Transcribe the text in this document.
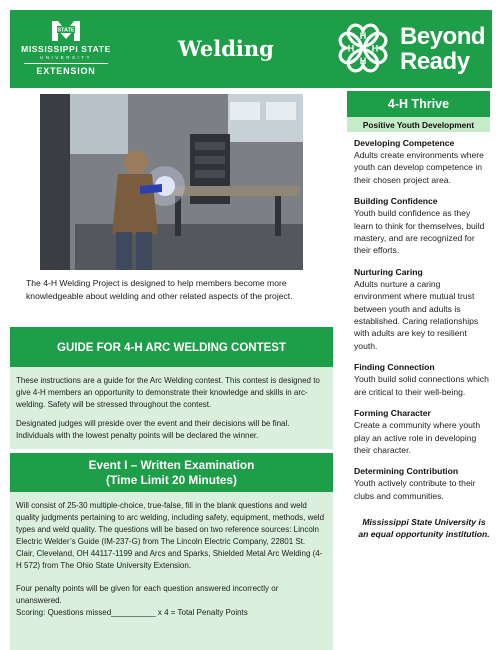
STATE
MISSISSIPPI STATE
UNIVERSITY
EXTENSION
Welding	H
H
H H Beyond
Ready
The 4-H Welding Project is designed to help members become more knowledgeable about welding and other related aspects of the project.
GUIDE FOR 4-H ARC WELDING CONTEST

These instructions are a guide for the Arc Welding contest. This contest is designed to give 4-H members an opportunity to demonstrate their knowledge and skills in arc- welding. Safety will be stressed throughout the contest.

Designated judges will preside over the event and their decisions will be final. Individuals with the lowest penalty points will be declared the winner.

Event I – Written Examination
(Time Limit 20 Minutes)

Will consist of 25-30 multiple-choice, true-false, fill in the blank questions and weld quality judgments pertaining to arc welding, including safety, equipment, methods, weld types and weld quality. The questions will be based on two reference sources: Lincoln Electric Welder’s Guide (IM-237-G) from The Lincoln Electric Company, 22801 St. Clair, Cleveland, OH 44117-1199 and Arcs and Sparks, Shielded Metal Arc Welding (4-H 572) from The Ohio State University Extension.

Four penalty points will be given for each question answered incorrectly or unanswered.

Scoring: Questions missed__________ x 4 = Total Penalty Points
4-H Thrive
Positive Youth Development
Developing Competence
Adults create environments where youth can develop competence in their chosen project area.
Building Confidence
Youth build confidence as they learn to think for themselves, build mastery, and are recognized for their efforts.
Nurturing Caring
Adults nurture a caring environment where mutual trust between youth and adults is established. Caring relationships with adults are key to resilient youth.
Finding Connection
Youth build solid connections which are critical to their well-being.
Forming Character
Create a community where youth play an active role in developing their character.
Determining Contribution
Youth actively contribute to their clubs and communities.
Mississippi State University is an equal opportunity institution.
